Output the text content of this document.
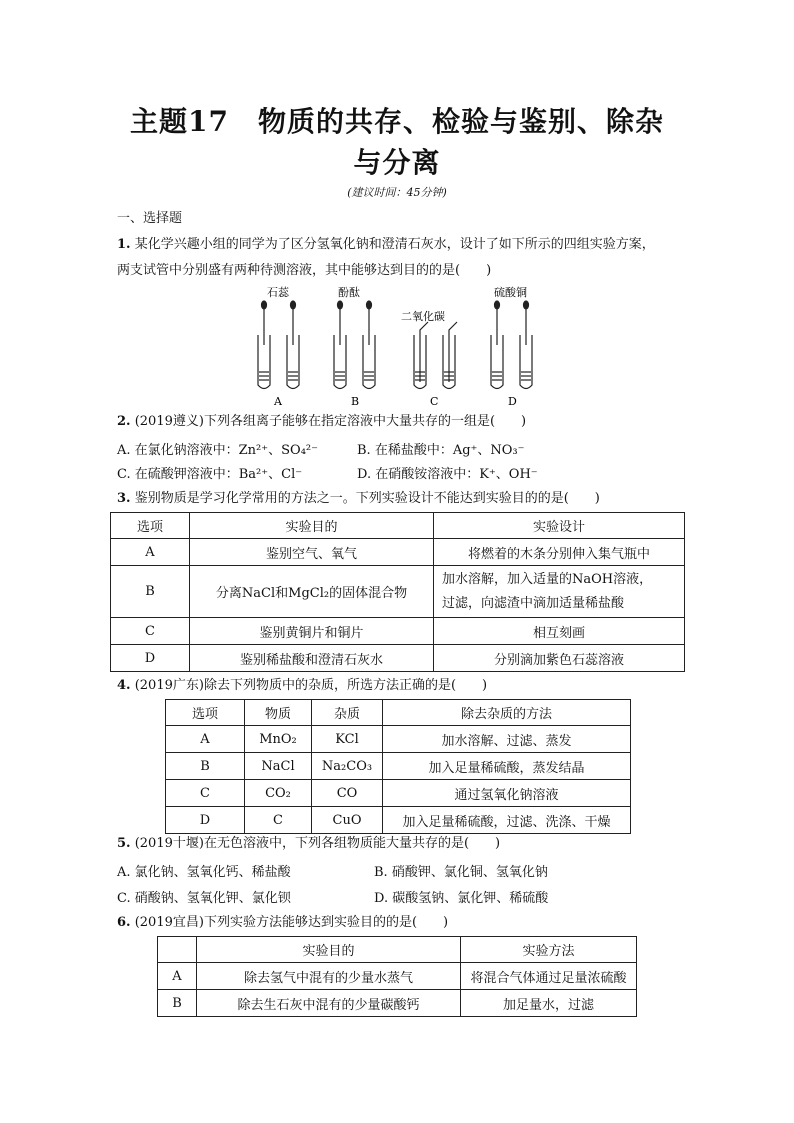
主题17　物质的共存、检验与鉴别、除杂
与分离
(建议时间：45分钟)
一、选择题
1. 某化学兴趣小组的同学为了区分氢氧化钠和澄清石灰水，设计了如下所示的四组实验方案，
两支试管中分别盛有两种待测溶液，其中能够达到目的的是(　　)
石蕊	酚酞
二氧化碳
硫酸铜
A	B	C	D
2. (2019遵义)下列各组离子能够在指定溶液中大量共存的一组是(　　)
A. 在氯化钠溶液中：Zn²⁺、SO₄²⁻	B. 在稀盐酸中：Ag⁺、NO₃⁻
C. 在硫酸钾溶液中：Ba²⁺、Cl⁻	D. 在硝酸铵溶液中：K⁺、OH⁻
3. 鉴别物质是学习化学常用的方法之一。下列实验设计不能达到实验目的的是(　　)
选项	实验目的	实验设计
A	鉴别空气、氧气	将燃着的木条分别伸入集气瓶中
B	分离NaCl和MgCl₂的固体混合物	加水溶解，加入适量的NaOH溶液，
过滤，向滤渣中滴加适量稀盐酸

C	鉴别黄铜片和铜片	相互刻画
D	鉴别稀盐酸和澄清石灰水	分别滴加紫色石蕊溶液
4. (2019广东)除去下列物质中的杂质，所选方法正确的是(　　)
选项	物质	杂质	除去杂质的方法
A	MnO₂	KCl	加水溶解、过滤、蒸发
B	NaCl	Na₂CO₃	加入足量稀硫酸，蒸发结晶
C	CO₂	CO	通过氢氧化钠溶液
D	C	CuO	加入足量稀硫酸，过滤、洗涤、干燥
5. (2019十堰)在无色溶液中，下列各组物质能大量共存的是(　　)
A. 氯化钠、氢氧化钙、稀盐酸	B. 硝酸钾、氯化铜、氢氧化钠
C. 硝酸钠、氢氧化钾、氯化钡	D. 碳酸氢钠、氯化钾、稀硫酸
6. (2019宜昌)下列实验方法能够达到实验目的的是(　　)
	实验目的	实验方法
A	除去氢气中混有的少量水蒸气	将混合气体通过足量浓硫酸
B	除去生石灰中混有的少量碳酸钙	加足量水，过滤
